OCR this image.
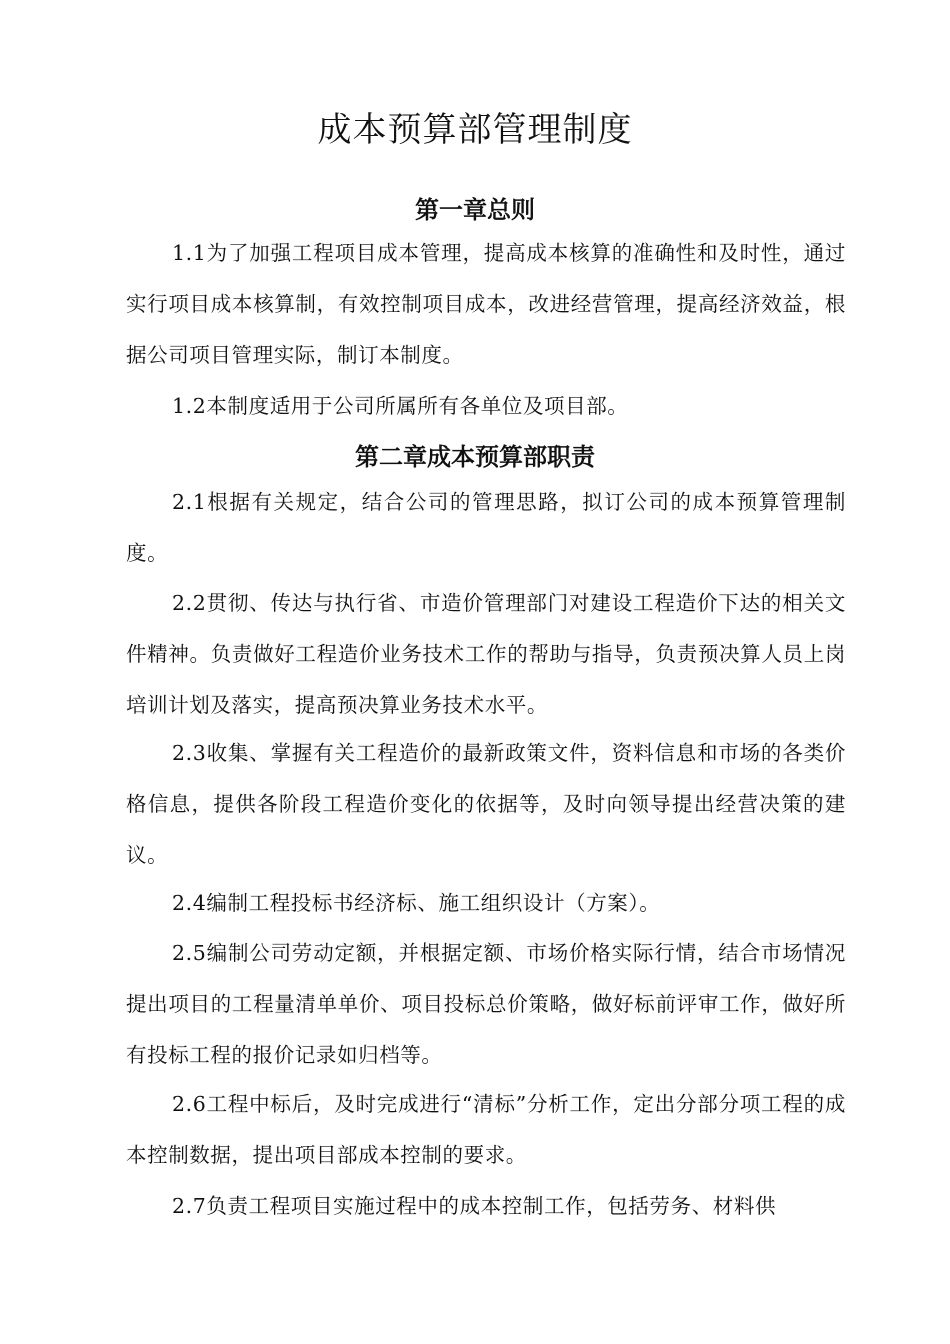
成本预算部管理制度
第一章总则

1.1为了加强工程项目成本管理，提高成本核算的准确性和及时性，通过实行项目成本核算制，有效控制项目成本，改进经营管理，提高经济效益，根据公司项目管理实际，制订本制度。

1.2本制度适用于公司所属所有各单位及项目部。

第二章成本预算部职责

2.1根据有关规定，结合公司的管理思路，拟订公司的成本预算管理制度。

2.2贯彻、传达与执行省、市造价管理部门对建设工程造价下达的相关文件精神。负责做好工程造价业务技术工作的帮助与指导，负责预决算人员上岗培训计划及落实，提高预决算业务技术水平。

2.3收集、掌握有关工程造价的最新政策文件，资料信息和市场的各类价格信息，提供各阶段工程造价变化的依据等，及时向领导提出经营决策的建议。

2.4编制工程投标书经济标、施工组织设计（方案）。

2.5编制公司劳动定额，并根据定额、市场价格实际行情，结合市场情况提出项目的工程量清单单价、项目投标总价策略，做好标前评审工作，做好所有投标工程的报价记录如归档等。

2.6工程中标后，及时完成进行“清标”分析工作，定出分部分项工程的成本控制数据，提出项目部成本控制的要求。

2.7负责工程项目实施过程中的成本控制工作，包括劳务、材料供
